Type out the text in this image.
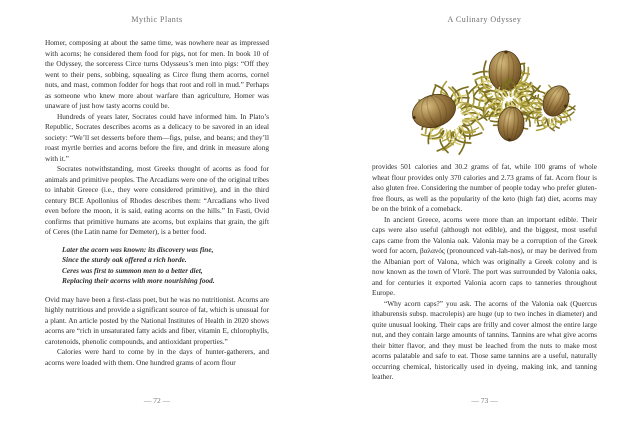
Mythic Plants

Homer, composing at about the same time, was nowhere near as impressed with acorns; he considered them food for pigs, not for men. In book 10 of the Odyssey, the sorceress Circe turns Odysseus’s men into pigs: “Off they went to their pens, sobbing, squealing as Circe flung them acorns, cornel nuts, and mast, common fodder for hogs that root and roll in mud.” Perhaps as someone who knew more about warfare than agriculture, Homer was unaware of just how tasty acorns could be.

Hundreds of years later, Socrates could have informed him. In Plato’s Republic, Socrates describes acorns as a delicacy to be savored in an ideal society: “We’ll set desserts before them—figs, pulse, and beans; and they’ll roast myrtle berries and acorns before the fire, and drink in measure along with it.”

Socrates notwithstanding, most Greeks thought of acorns as food for animals and primitive peoples. The Arcadians were one of the original tribes to inhabit Greece (i.e., they were considered primitive), and in the third century BCE Apollonius of Rhodes describes them: “Arcadians who lived even before the moon, it is said, eating acorns on the hills.” In Fasti, Ovid confirms that primitive humans ate acorns, but explains that grain, the gift of Ceres (the Latin name for Demeter), is a better food.

Later the acorn was known: its discovery was fine,
Since the sturdy oak offered a rich horde.
Ceres was first to summon men to a better diet,
Replacing their acorns with more nourishing food.

Ovid may have been a first-class poet, but he was no nutritionist. Acorns are highly nutritious and provide a significant source of fat, which is unusual for a plant. An article posted by the National Institutes of Health in 2020 shows acorns are “rich in unsaturated fatty acids and fiber, vitamin E, chlorophylls, carotenoids, phenolic compounds, and antioxidant properties.”

Calories were hard to come by in the days of hunter-gatherers, and acorns were loaded with them. One hundred grams of acorn flour

— 72 —
A Culinary Odyssey

provides 501 calories and 30.2 grams of fat, while 100 grams of whole wheat flour provides only 370 calories and 2.73 grams of fat. Acorn flour is also gluten free. Considering the number of people today who prefer gluten-free flours, as well as the popularity of the keto (high fat) diet, acorns may be on the brink of a comeback.

In ancient Greece, acorns were more than an important edible. Their caps were also useful (although not edible), and the biggest, most useful caps came from the Valonia oak. Valonia may be a corruption of the Greek word for acorn, βαλανός (pronounced vah-lah-nos), or may be derived from the Albanian port of Valona, which was originally a Greek colony and is now known as the town of Vlorë. The port was surrounded by Valonia oaks, and for centuries it exported Valonia acorn caps to tanneries throughout Europe.

“Why acorn caps?” you ask. The acorns of the Valonia oak (Quercus ithaburensis subsp. macrolepis) are huge (up to two inches in diameter) and quite unusual looking. Their caps are frilly and cover almost the entire large nut, and they contain large amounts of tannins. Tannins are what give acorns their bitter flavor, and they must be leached from the nuts to make most acorns palatable and safe to eat. Those same tannins are a useful, naturally occurring chemical, historically used in dyeing, making ink, and tanning leather.

— 73 —
